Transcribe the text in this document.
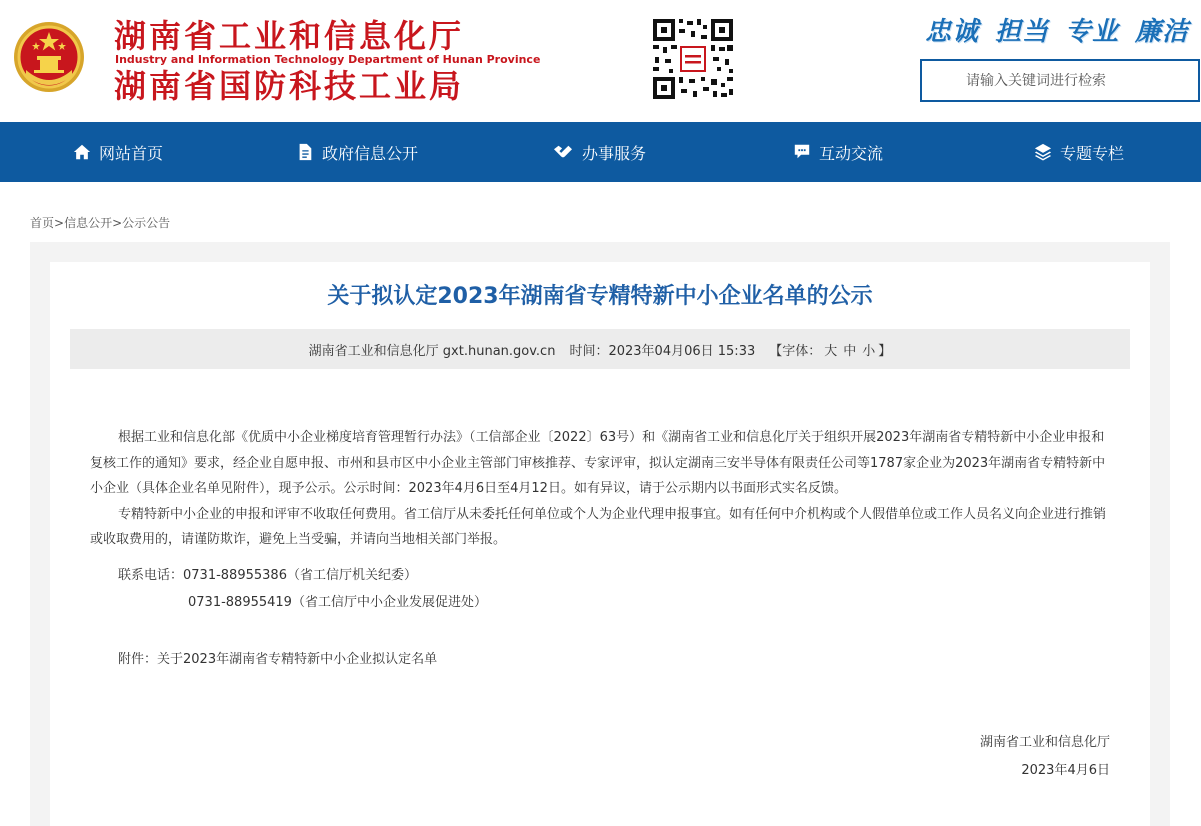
湖南省工业和信息化厅
Industry and Information Technology Department of Hunan Province
湖南省国防科技工业局
忠诚 担当 专业 廉洁
请输入关键词进行检索
网站首页	政府信息公开	办事服务	互动交流	专题专栏
首页>信息公开>公示公告
关于拟认定2023年湖南省专精特新中小企业名单的公示
湖南省工业和信息化厅 gxt.hunan.gov.cn 时间： 2023年04月06日 15:33 【字体： 大 中 小 】

根据工业和信息化部《优质中小企业梯度培育管理暂行办法》（工信部企业〔2022〕63号）和《湖南省工业和信息化厅关于组织开展2023年湖南省专精特新中小企业申报和复核工作的通知》要求，经企业自愿申报、市州和县市区中小企业主管部门审核推荐、专家评审，拟认定湖南三安半导体有限责任公司等1787家企业为2023年湖南省专精特新中小企业（具体企业名单见附件），现予公示。公示时间：2023年4月6日至4月12日。如有异议，请于公示期内以书面形式实名反馈。

专精特新中小企业的申报和评审不收取任何费用。省工信厅从未委托任何单位或个人为企业代理申报事宜。如有任何中介机构或个人假借单位或工作人员名义向企业进行推销或收取费用的，请谨防欺诈，避免上当受骗，并请向当地相关部门举报。

联系电话：0731-88955386（省工信厅机关纪委）
0731-88955419（省工信厅中小企业发展促进处）
附件：关于2023年湖南省专精特新中小企业拟认定名单
湖南省工业和信息化厅
2023年4月6日
